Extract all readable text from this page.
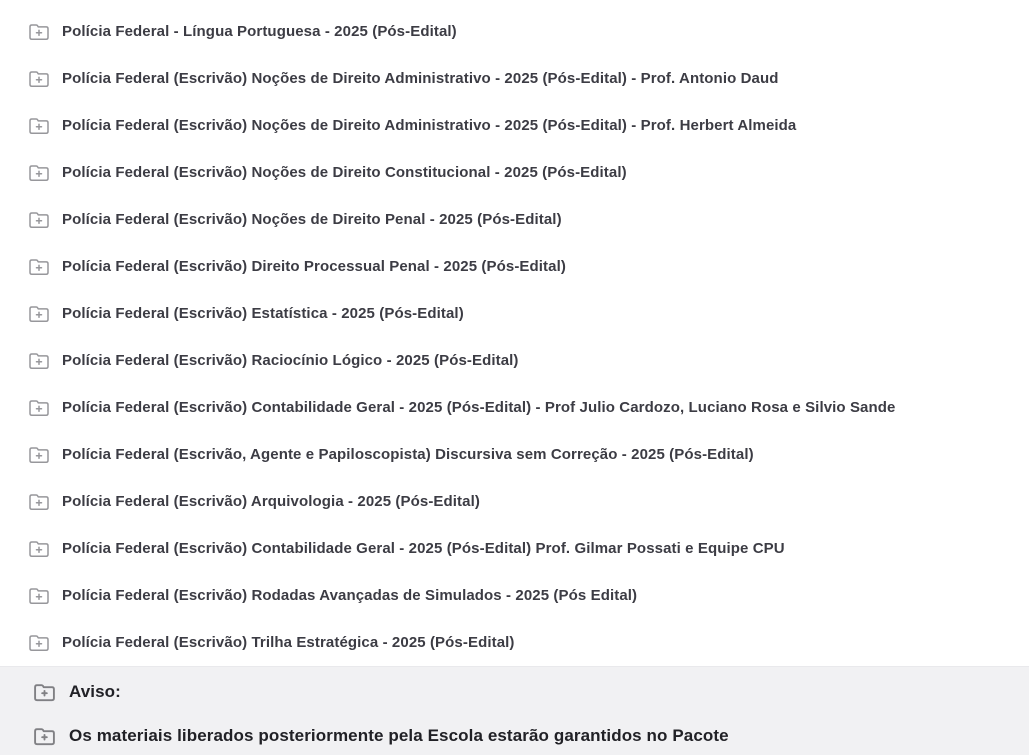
Polícia Federal - Língua Portuguesa - 2025 (Pós-Edital)
Polícia Federal (Escrivão) Noções de Direito Administrativo - 2025 (Pós-Edital) - Prof. Antonio Daud
Polícia Federal (Escrivão) Noções de Direito Administrativo - 2025 (Pós-Edital) - Prof. Herbert Almeida
Polícia Federal (Escrivão) Noções de Direito Constitucional - 2025 (Pós-Edital)
Polícia Federal (Escrivão) Noções de Direito Penal - 2025 (Pós-Edital)
Polícia Federal (Escrivão) Direito Processual Penal - 2025 (Pós-Edital)
Polícia Federal (Escrivão) Estatística - 2025 (Pós-Edital)
Polícia Federal (Escrivão) Raciocínio Lógico - 2025 (Pós-Edital)
Polícia Federal (Escrivão) Contabilidade Geral - 2025 (Pós-Edital) - Prof Julio Cardozo, Luciano Rosa e Silvio Sande
Polícia Federal (Escrivão, Agente e Papiloscopista) Discursiva sem Correção - 2025 (Pós-Edital)
Polícia Federal (Escrivão) Arquivologia - 2025 (Pós-Edital)
Polícia Federal (Escrivão) Contabilidade Geral - 2025 (Pós-Edital) Prof. Gilmar Possati e Equipe CPU
Polícia Federal (Escrivão) Rodadas Avançadas de Simulados - 2025 (Pós Edital)
Polícia Federal (Escrivão) Trilha Estratégica - 2025 (Pós-Edital)
Aviso:
Os materiais liberados posteriormente pela Escola estarão garantidos no Pacote
